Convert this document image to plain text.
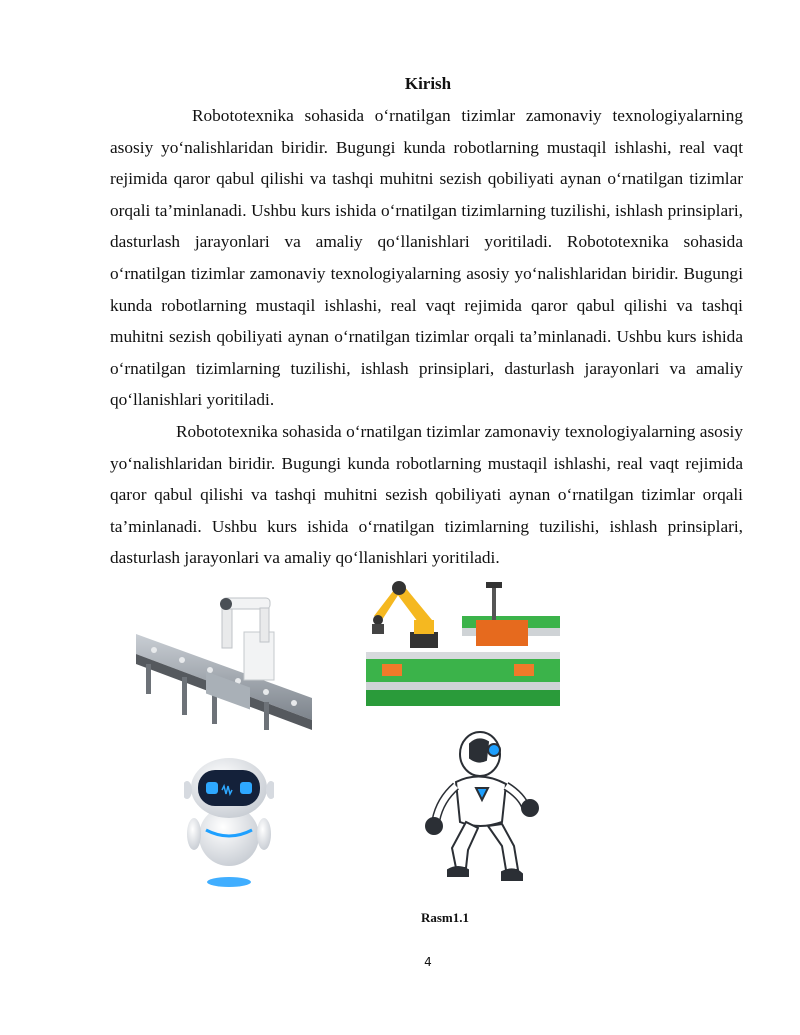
Kirish

Robototexnika sohasida o‘rnatilgan tizimlar zamonaviy texnologiyalarning asosiy yo‘nalishlaridan biridir. Bugungi kunda robotlarning mustaqil ishlashi, real vaqt rejimida qaror qabul qilishi va tashqi muhitni sezish qobiliyati aynan o‘rnatilgan tizimlar orqali ta’minlanadi. Ushbu kurs ishida o‘rnatilgan tizimlarning tuzilishi, ishlash prinsiplari, dasturlash jarayonlari va amaliy qo‘llanishlari yoritiladi. Robototexnika sohasida o‘rnatilgan tizimlar zamonaviy texnologiyalarning asosiy yo‘nalishlaridan biridir. Bugungi kunda robotlarning mustaqil ishlashi, real vaqt rejimida qaror qabul qilishi va tashqi muhitni sezish qobiliyati aynan o‘rnatilgan tizimlar orqali ta’minlanadi. Ushbu kurs ishida o‘rnatilgan tizimlarning tuzilishi, ishlash prinsiplari, dasturlash jarayonlari va amaliy qo‘llanishlari yoritiladi.

Robototexnika sohasida o‘rnatilgan tizimlar zamonaviy texnologiyalarning asosiy yo‘nalishlaridan biridir. Bugungi kunda robotlarning mustaqil ishlashi, real vaqt rejimida qaror qabul qilishi va tashqi muhitni sezish qobiliyati aynan o‘rnatilgan tizimlar orqali ta’minlanadi. Ushbu kurs ishida o‘rnatilgan tizimlarning tuzilishi, ishlash prinsiplari, dasturlash jarayonlari va amaliy qo‘llanishlari yoritiladi.

Rasm1.1
4
